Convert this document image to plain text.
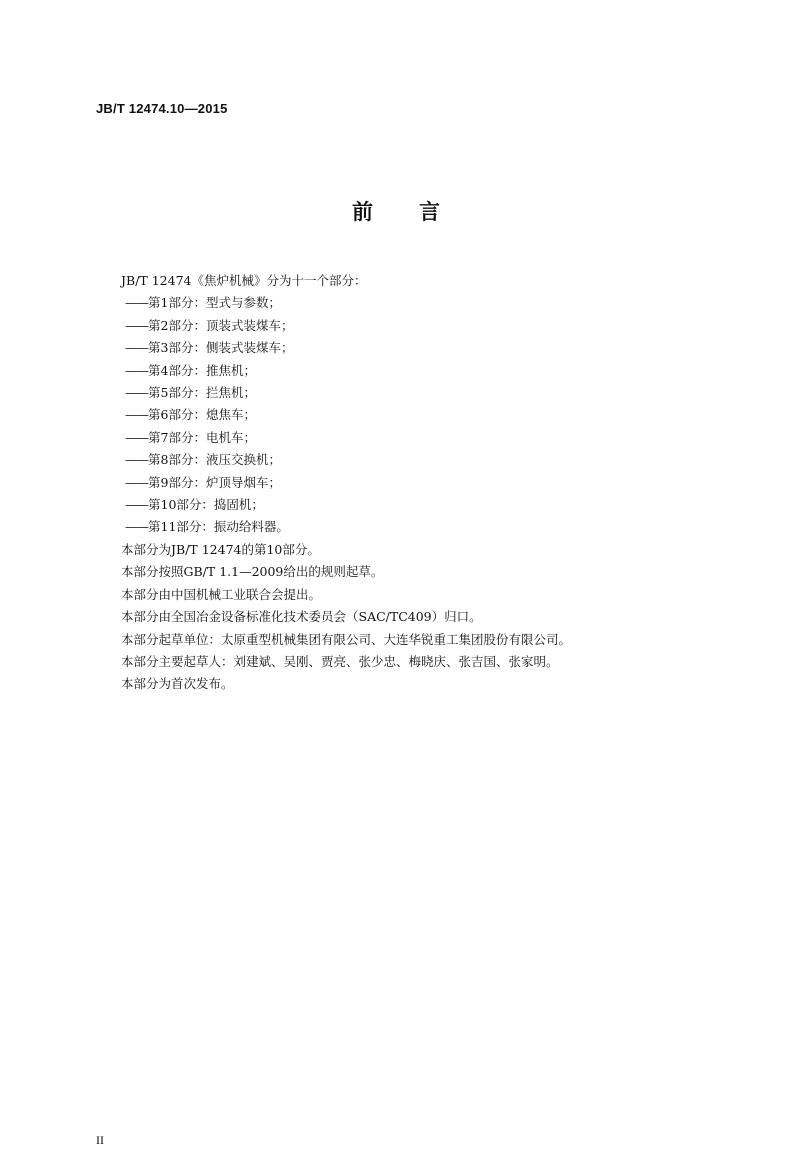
JB/T 12474.10—2015
前 言
JB/T 12474《焦炉机械》分为十一个部分：
——第1部分：型式与参数；
——第2部分：顶装式装煤车；
——第3部分：侧装式装煤车；
——第4部分：推焦机；
——第5部分：拦焦机；
——第6部分：熄焦车；
——第7部分：电机车；
——第8部分：液压交换机；
——第9部分：炉顶导烟车；
——第10部分：捣固机；
——第11部分：振动给料器。
本部分为JB/T 12474的第10部分。
本部分按照GB/T 1.1—2009给出的规则起草。
本部分由中国机械工业联合会提出。
本部分由全国冶金设备标准化技术委员会（SAC/TC409）归口。
本部分起草单位：太原重型机械集团有限公司、大连华锐重工集团股份有限公司。
本部分主要起草人：刘建斌、吴刚、贾亮、张少忠、梅晓庆、张吉国、张家明。
本部分为首次发布。
II
